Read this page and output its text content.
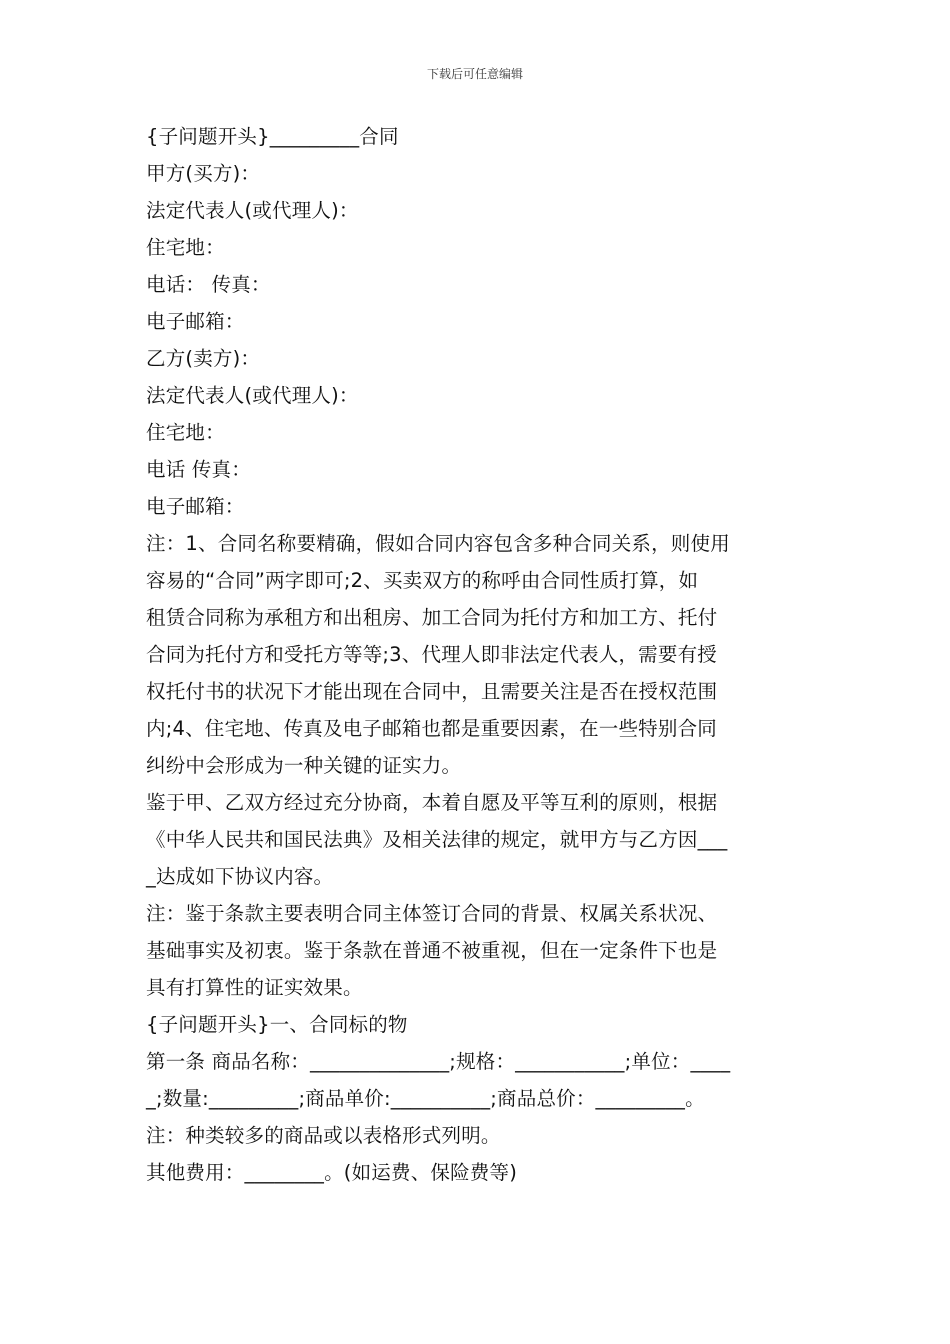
下载后可任意编辑
{子问题开头}_________合同
甲方(买方)：
法定代表人(或代理人)：
住宅地：
电话： 传真：
电子邮箱：
乙方(卖方)：
法定代表人(或代理人)：
住宅地：
电话 传真：
电子邮箱：
注：1、合同名称要精确，假如合同内容包含多种合同关系，则使用
容易的“合同”两字即可;2、买卖双方的称呼由合同性质打算，如
租赁合同称为承租方和出租房、加工合同为托付方和加工方、托付
合同为托付方和受托方等等;3、代理人即非法定代表人，需要有授
权托付书的状况下才能出现在合同中，且需要关注是否在授权范围
内;4、住宅地、传真及电子邮箱也都是重要因素，在一些特别合同
纠纷中会形成为一种关键的证实力。
鉴于甲、乙双方经过充分协商，本着自愿及平等互利的原则，根据
《中华人民共和国民法典》及相关法律的规定，就甲方与乙方因___
_达成如下协议内容。
注：鉴于条款主要表明合同主体签订合同的背景、权属关系状况、
基础事实及初衷。鉴于条款在普通不被重视，但在一定条件下也是
具有打算性的证实效果。
{子问题开头}一、合同标的物
第一条 商品名称：______________;规格：___________;单位：____
_;数量:_________;商品单价:__________;商品总价：_________。
注：种类较多的商品或以表格形式列明。
其他费用：________。(如运费、保险费等)
